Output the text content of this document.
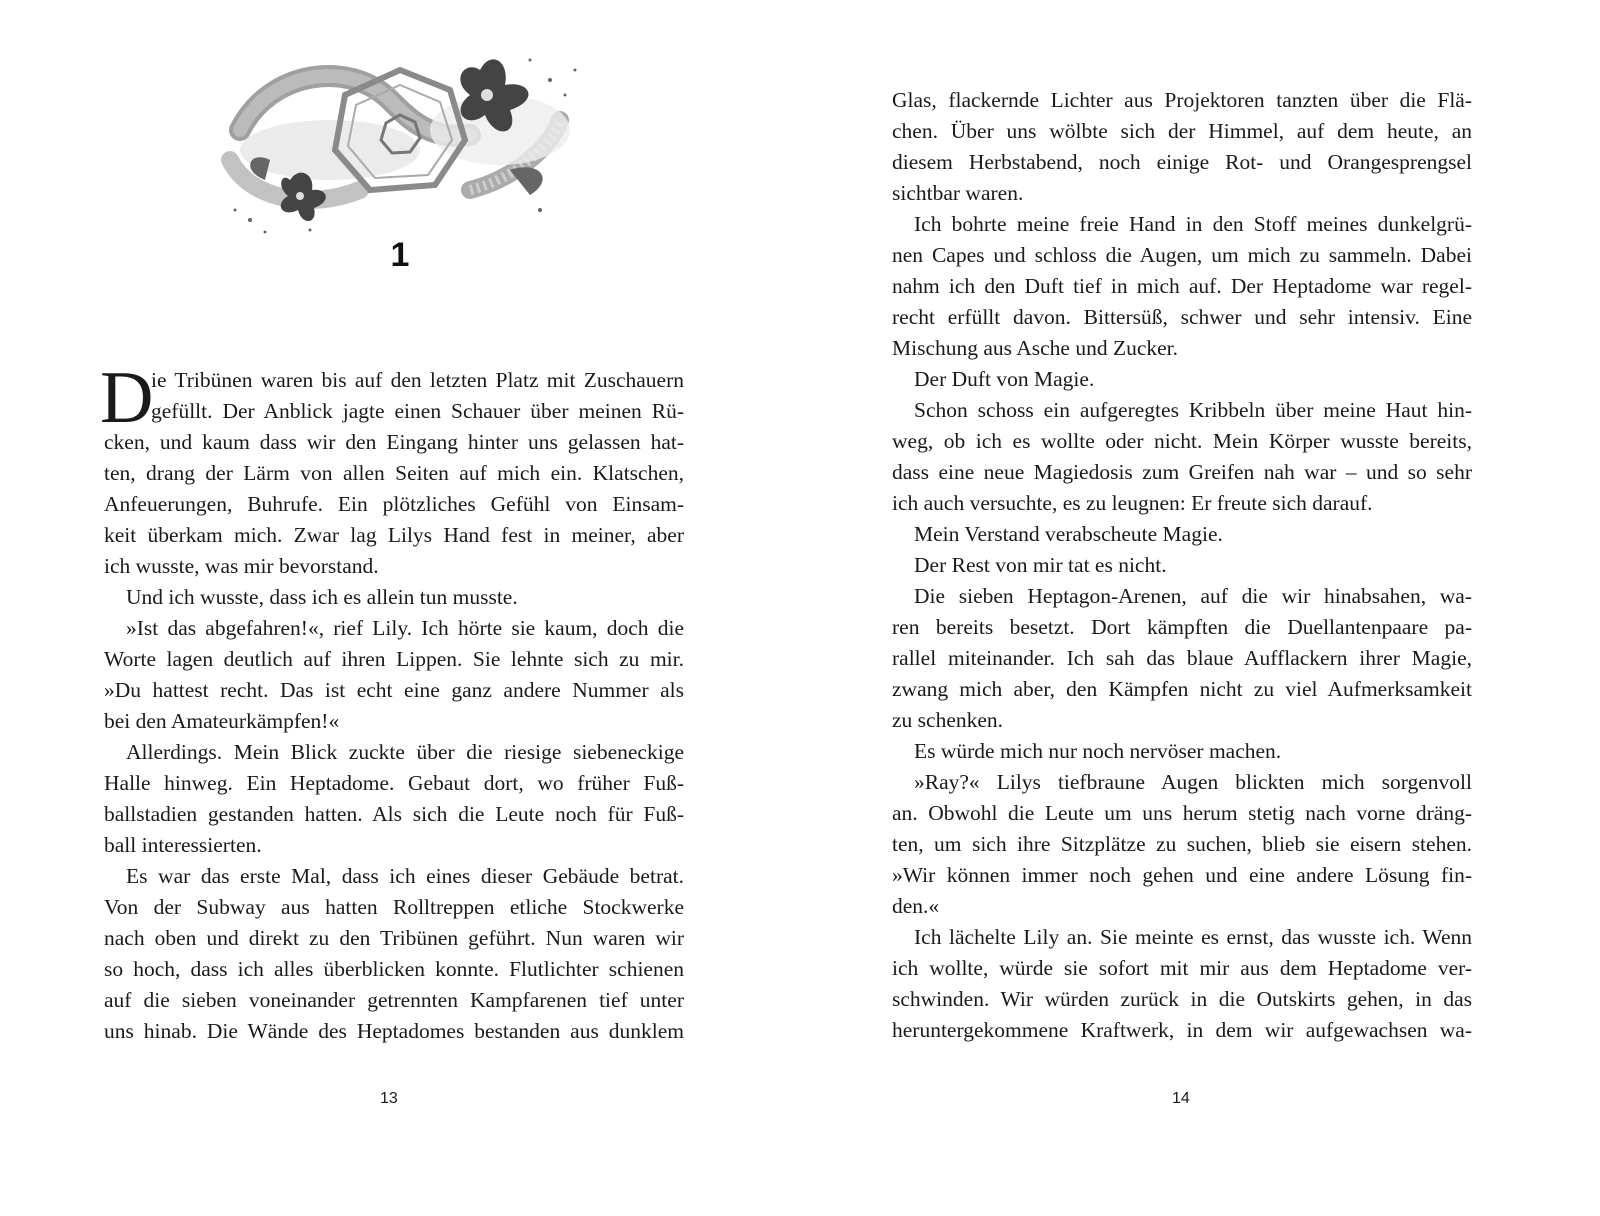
1
D
ie Tribünen waren bis auf den letzten Platz mit Zuschauern
gefüllt. Der Anblick jagte einen Schauer über meinen Rü-
cken, und kaum dass wir den Eingang hinter uns gelassen hat-
ten, drang der Lärm von allen Seiten auf mich ein. Klatschen,
Anfeuerungen, Buhrufe. Ein plötzliches Gefühl von Einsam-
keit überkam mich. Zwar lag Lilys Hand fest in meiner, aber
ich wusste, was mir bevorstand.
Und ich wusste, dass ich es allein tun musste.
»Ist das abgefahren!«, rief Lily. Ich hörte sie kaum, doch die
Worte lagen deutlich auf ihren Lippen. Sie lehnte sich zu mir.
»Du hattest recht. Das ist echt eine ganz andere Nummer als
bei den Amateurkämpfen!«
Allerdings. Mein Blick zuckte über die riesige siebeneckige
Halle hinweg. Ein Heptadome. Gebaut dort, wo früher Fuß-
ballstadien gestanden hatten. Als sich die Leute noch für Fuß-
ball interessierten.
Es war das erste Mal, dass ich eines dieser Gebäude betrat.
Von der Subway aus hatten Rolltreppen etliche Stockwerke
nach oben und direkt zu den Tribünen geführt. Nun waren wir
so hoch, dass ich alles überblicken konnte. Flutlichter schienen
auf die sieben voneinander getrennten Kampfarenen tief unter
uns hinab. Die Wände des Heptadomes bestanden aus dunklem
13
Glas, flackernde Lichter aus Projektoren tanzten über die Flä-
chen. Über uns wölbte sich der Himmel, auf dem heute, an
diesem Herbstabend, noch einige Rot- und Orangesprengsel
sichtbar waren.
Ich bohrte meine freie Hand in den Stoff meines dunkelgrü-
nen Capes und schloss die Augen, um mich zu sammeln. Dabei
nahm ich den Duft tief in mich auf. Der Heptadome war regel-
recht erfüllt davon. Bittersüß, schwer und sehr intensiv. Eine
Mischung aus Asche und Zucker.
Der Duft von Magie.
Schon schoss ein aufgeregtes Kribbeln über meine Haut hin-
weg, ob ich es wollte oder nicht. Mein Körper wusste bereits,
dass eine neue Magiedosis zum Greifen nah war – und so sehr
ich auch versuchte, es zu leugnen: Er freute sich darauf.
Mein Verstand verabscheute Magie.
Der Rest von mir tat es nicht.
Die sieben Heptagon-Arenen, auf die wir hinabsahen, wa-
ren bereits besetzt. Dort kämpften die Duellantenpaare pa-
rallel miteinander. Ich sah das blaue Aufflackern ihrer Magie,
zwang mich aber, den Kämpfen nicht zu viel Aufmerksamkeit
zu schenken.
Es würde mich nur noch nervöser machen.
»Ray?« Lilys tiefbraune Augen blickten mich sorgenvoll
an. Obwohl die Leute um uns herum stetig nach vorne dräng-
ten, um sich ihre Sitzplätze zu suchen, blieb sie eisern stehen.
»Wir können immer noch gehen und eine andere Lösung fin-
den.«
Ich lächelte Lily an. Sie meinte es ernst, das wusste ich. Wenn
ich wollte, würde sie sofort mit mir aus dem Heptadome ver-
schwinden. Wir würden zurück in die Outskirts gehen, in das
heruntergekommene Kraftwerk, in dem wir aufgewachsen wa-
14
